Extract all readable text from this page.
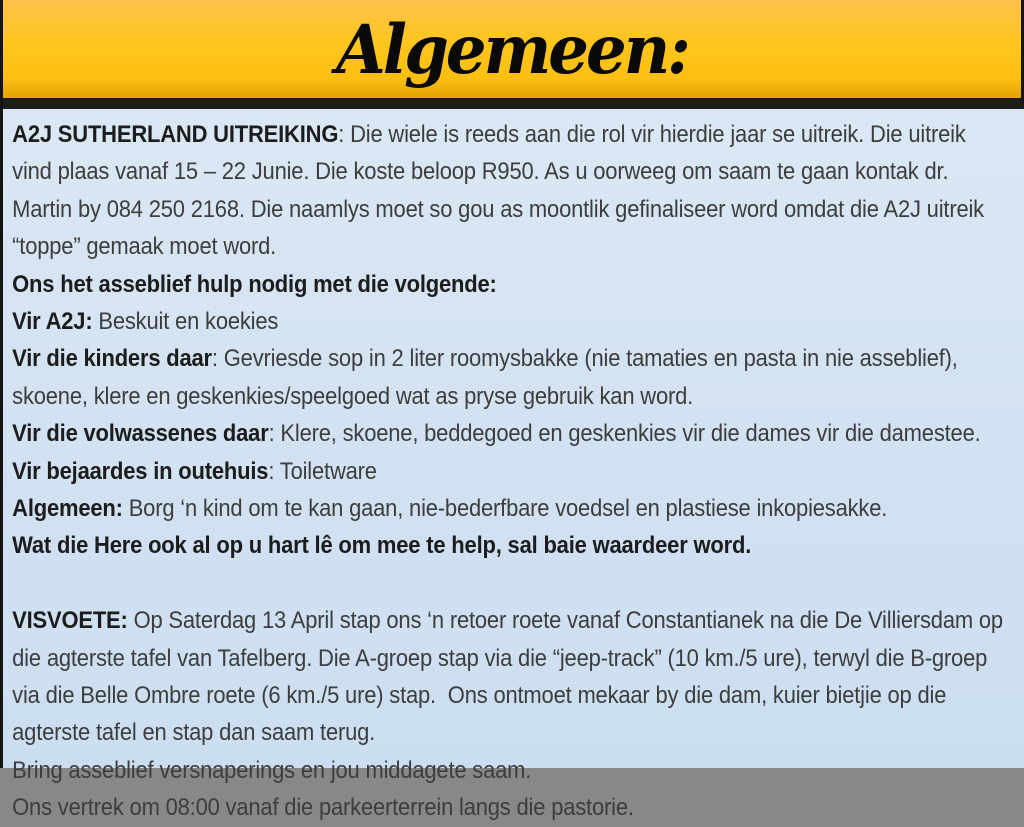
Algemeen:

A2J SUTHERLAND UITREIKING: Die wiele is reeds aan die rol vir hierdie jaar se uitreik. Die uitreik vind plaas vanaf 15 – 22 Junie. Die koste beloop R950. As u oorweeg om saam te gaan kontak dr. Martin by 084 250 2168. Die naamlys moet so gou as moontlik gefinaliseer word omdat die A2J uitreik “toppe” gemaak moet word.

Ons het asseblief hulp nodig met die volgende:

Vir A2J: Beskuit en koekies

Vir die kinders daar: Gevriesde sop in 2 liter roomysbakke (nie tamaties en pasta in nie asseblief), skoene, klere en geskenkies/speelgoed wat as pryse gebruik kan word.

Vir die volwassenes daar: Klere, skoene, beddegoed en geskenkies vir die dames vir die damestee.

Vir bejaardes in outehuis: Toiletware

Algemeen: Borg ‘n kind om te kan gaan, nie-bederfbare voedsel en plastiese inkopiesakke.

Wat die Here ook al op u hart lê om mee te help, sal baie waardeer word.

VISVOETE: Op Saterdag 13 April stap ons ‘n retoer roete vanaf Constantianek na die De Villiersdam op die agterste tafel van Tafelberg. Die A-groep stap via die “jeep-track” (10 km./5 ure), terwyl die B-groep via die Belle Ombre roete (6 km./5 ure) stap.  Ons ontmoet mekaar by die dam, kuier bietjie op die agterste tafel en stap dan saam terug.

Bring asseblief versnaperings en jou middagete saam.

Ons vertrek om 08:00 vanaf die parkeerterrein langs die pastorie.
